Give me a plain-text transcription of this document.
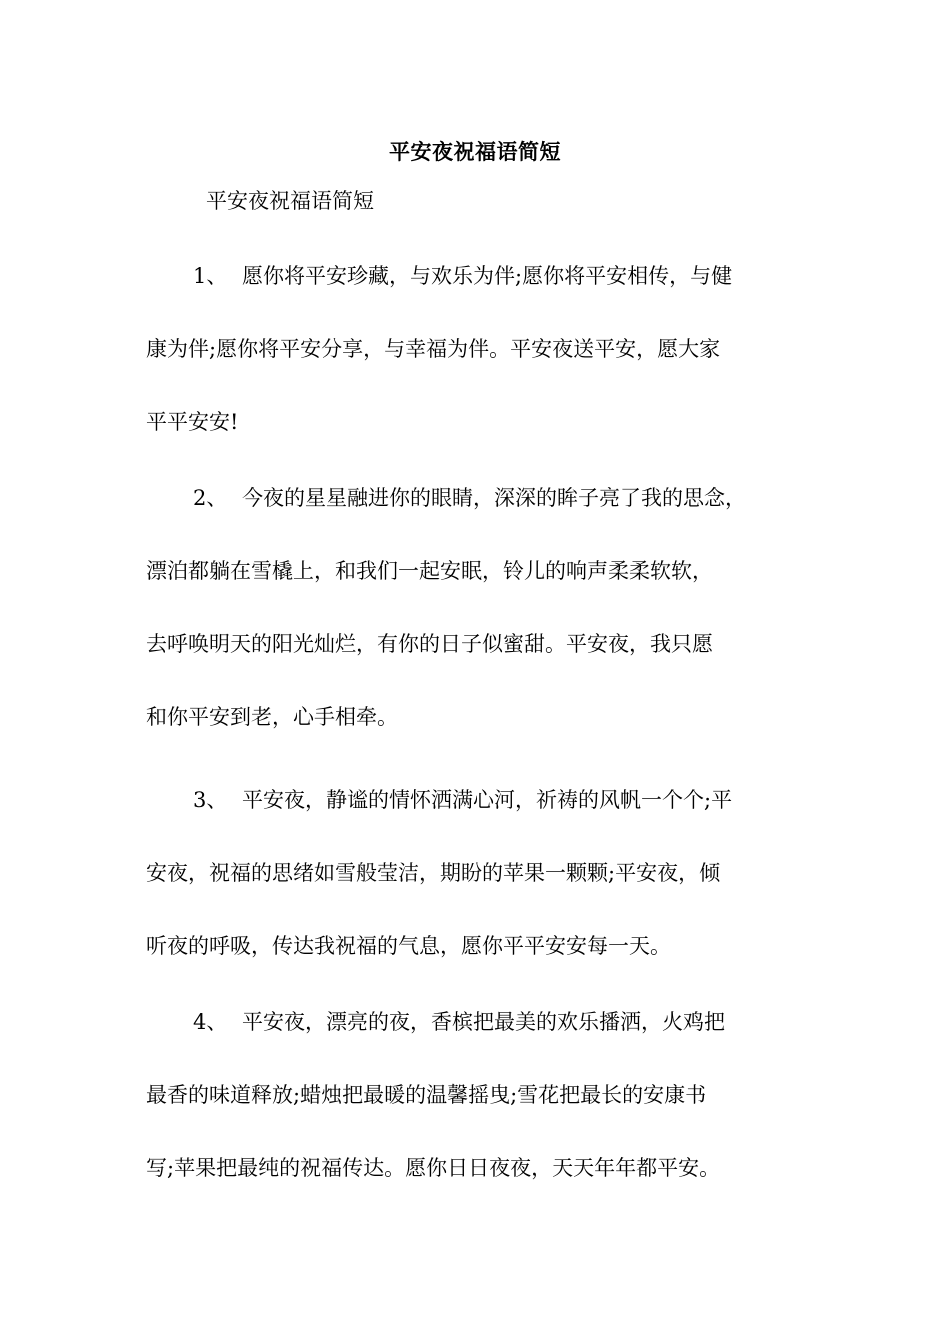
平安夜祝福语简短
平安夜祝福语简短
1、 愿你将平安珍藏，与欢乐为伴;愿你将平安相传，与健
康为伴;愿你将平安分享，与幸福为伴。平安夜送平安，愿大家
平平安安!
2、 今夜的星星融进你的眼睛，深深的眸子亮了我的思念，
漂泊都躺在雪橇上，和我们一起安眠，铃儿的响声柔柔软软，
去呼唤明天的阳光灿烂，有你的日子似蜜甜。平安夜，我只愿
和你平安到老，心手相牵。
3、 平安夜，静谧的情怀洒满心河，祈祷的风帆一个个;平
安夜，祝福的思绪如雪般莹洁，期盼的苹果一颗颗;平安夜，倾
听夜的呼吸，传达我祝福的气息，愿你平平安安每一天。
4、 平安夜，漂亮的夜，香槟把最美的欢乐播洒，火鸡把
最香的味道释放;蜡烛把最暖的温馨摇曳;雪花把最长的安康书
写;苹果把最纯的祝福传达。愿你日日夜夜，天天年年都平安。
